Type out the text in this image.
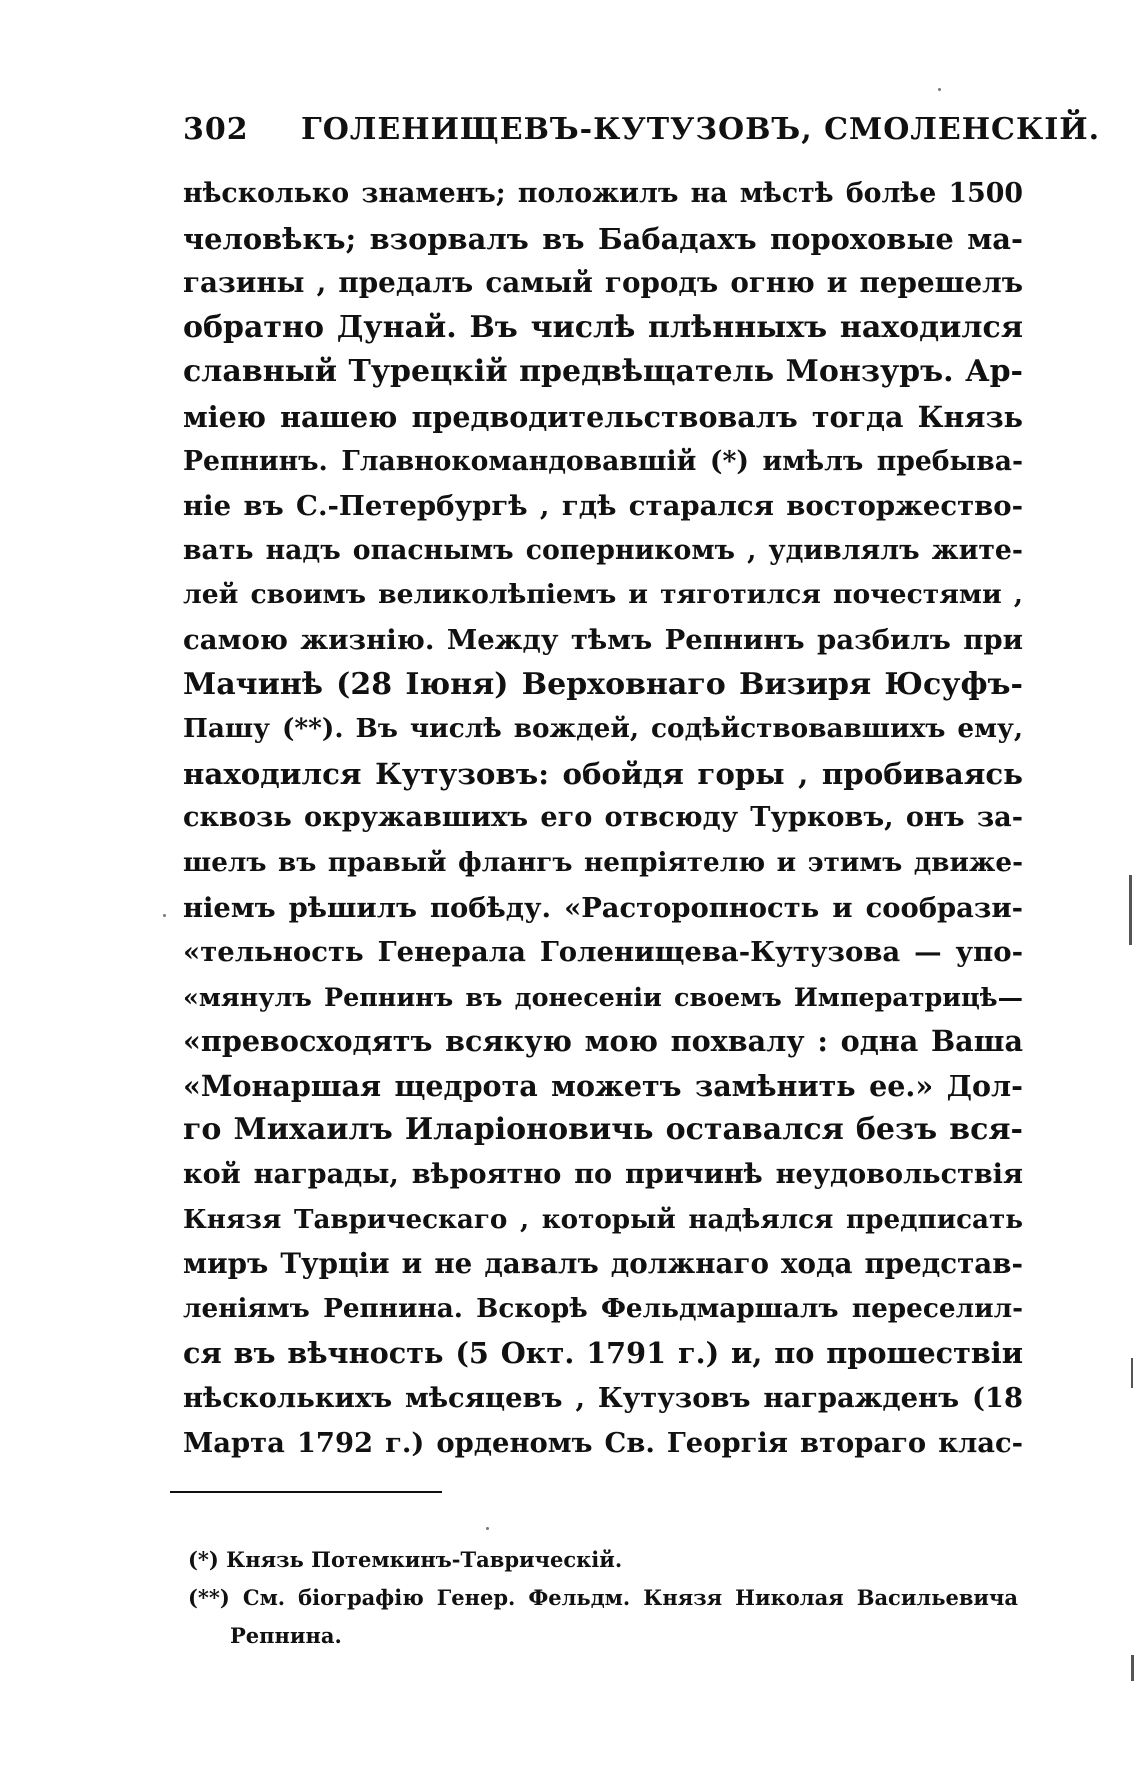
302 ГОЛЕНИЩЕВЪ-КУТУЗОВЪ, СМОЛЕНСКІЙ.
нѣсколько знаменъ; положилъ на мѣстѣ болѣе 1500
человѣкъ; взорвалъ въ Бабадахъ пороховые ма-
газины , предалъ самый городъ огню и перешелъ
обратно Дунай. Въ числѣ плѣнныхъ находился
славный Турецкій предвѣщатель Монзуръ. Ар-
міею нашею предводительствовалъ тогда Князь
Репнинъ. Главнокомандовавшій (*) имѣлъ пребыва-
ніе въ С.-Петербургѣ , гдѣ старался восторжество-
вать надъ опаснымъ соперникомъ , удивлялъ жите-
лей своимъ великолѣпіемъ и тяготился почестями ,
самою жизнію. Между тѣмъ Репнинъ разбилъ при
Мачинѣ (28 Іюня) Верховнаго Визиря Юсуфъ-
Пашу (**). Въ числѣ вождей, содѣйствовавшихъ ему,
находился Кутузовъ: обойдя горы , пробиваясь
сквозь окружавшихъ его отвсюду Турковъ, онъ за-
шелъ въ правый флангъ непріятелю и этимъ движе-
ніемъ рѣшилъ побѣду. «Расторопность и сообрази-
«тельность Генерала Голенищева-Кутузова — упо-
«мянулъ Репнинъ въ донесеніи своемъ Императрицѣ—
«превосходятъ всякую мою похвалу : одна Ваша
«Монаршая щедрота можетъ замѣнить ее.» Дол-
го Михаилъ Иларіоновичь оставался безъ вся-
кой награды, вѣроятно по причинѣ неудовольствія
Князя Таврическаго , который надѣялся предписать
миръ Турціи и не давалъ должнаго хода представ-
леніямъ Репнина. Вскорѣ Фельдмаршалъ переселил-
ся въ вѣчность (5 Окт. 1791 г.) и, по прошествіи
нѣсколькихъ мѣсяцевъ , Кутузовъ награжденъ (18
Марта 1792 г.) орденомъ Св. Георгія втораго клас-
(*) Князь Потемкинъ-Таврическій.
(**) См. біографію Генер. Фельдм. Князя Николая Васильевича
Репнина.
